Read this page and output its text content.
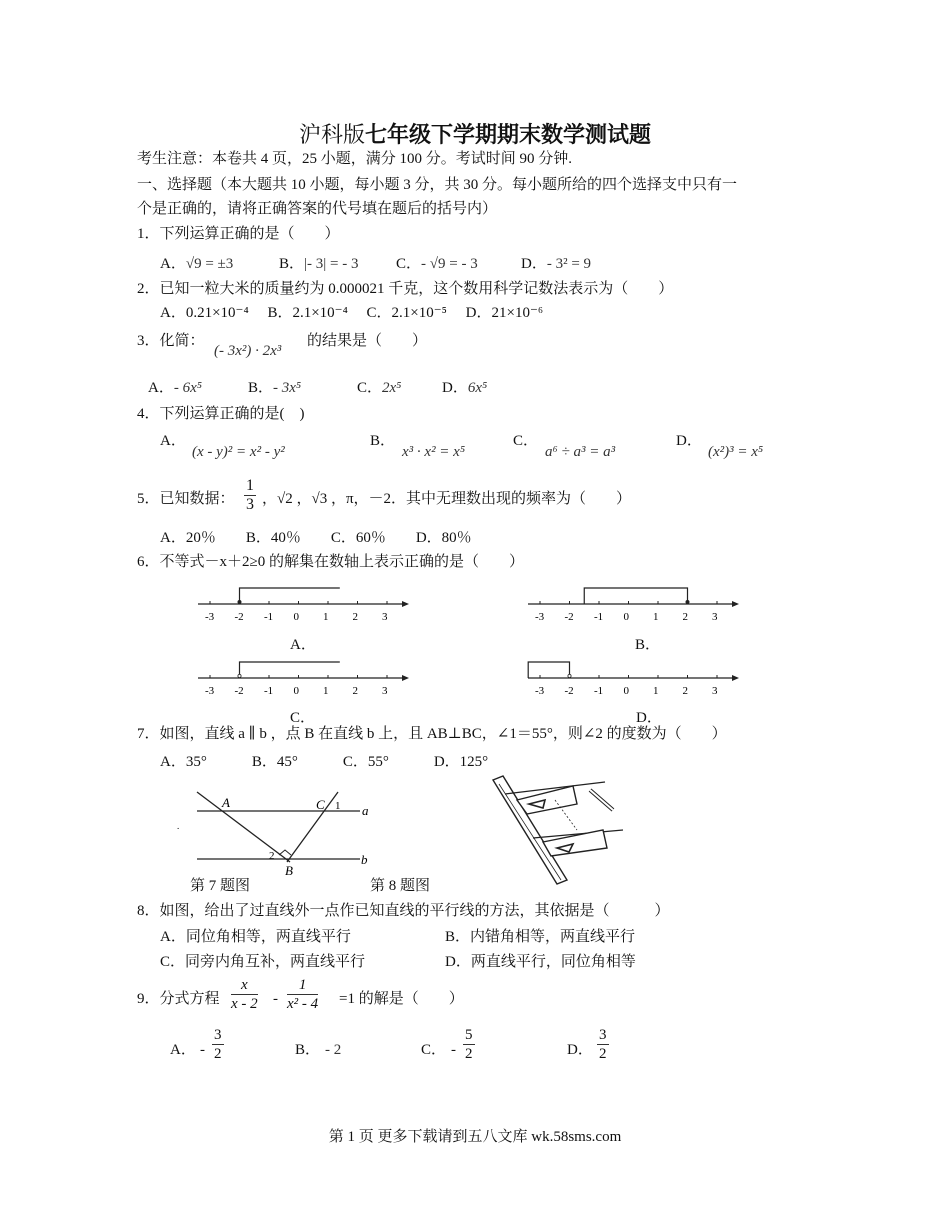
沪科版七年级下学期期末数学测试题
考生注意：本卷共 4 页，25 小题，满分 100 分。考试时间 90 分钟.
一、选择题（本大题共 10 小题，每小题 3 分，共 30 分。每小题所给的四个选择支中只有一
个是正确的，请将正确答案的代号填在题后的括号内）
1．下列运算正确的是（　　）
A．√9 = ±3	B．|- 3| = - 3	C．- √9 = - 3	D．- 3² = 9
2．已知一粒大米的质量约为 0.000021 千克，这个数用科学记数法表示为（　　）
A．0.21×10⁻⁴　 B．2.1×10⁻⁴　 C．2.1×10⁻⁵　 D．21×10⁻⁶
3．化简：
(- 3x²) · 2x³
的结果是（　　）
A．- 6x⁵	B．- 3x⁵	C．2x⁵	D．6x⁵
4．下列运算正确的是(　)
A．
(x - y)² = x² - y²
B．
x³ · x² = x⁵
C．
a⁶ ÷ a³ = a³
D．
(x²)³ = x⁵
5．已知数据： $\frac{1}{3}$ ，√2 ，√3 ，π，－2．其中无理数出现的频率为（　　）
A．20％　　B．40％　　C．60％　　D．80％
6．不等式－x＋2≥0 的解集在数轴上表示正确的是（　　）
-3 -2 -1 0 1 2 3	-3 -2 -1 0 1 2 3
-3 -2 -1 0 1 2 3	-3 -2 -1 0 1 2 3
A．	B．
C．	D．
7．如图，直线 a ∥ b ，点 B 在直线 b 上，且 AB⊥BC，∠1＝55°，则∠2 的度数为（　　）
A．35°　　　B．45°　　　C．55°　　　D．125°
A	C 1 a
2
B
b
.
第 7 题图	第 8 题图
8．如图，给出了过直线外一点作已知直线的平行线的方法，其依据是（　　　）
A．同位角相等，两直线平行	B．内错角相等，两直线平行
C．同旁内角互补，两直线平行	D．两直线平行，同位角相等
9．分式方程 $\frac{x}{x - 2} - \frac{1}{\text{x² - 4}} =1$ 的解是（　　）
A． - $\frac{3}{2}$	B． - 2	C． - $\frac{5}{2}$	D． $\frac{3}{2}$
第 1 页 更多下载请到五八文库 wk.58sms.com
